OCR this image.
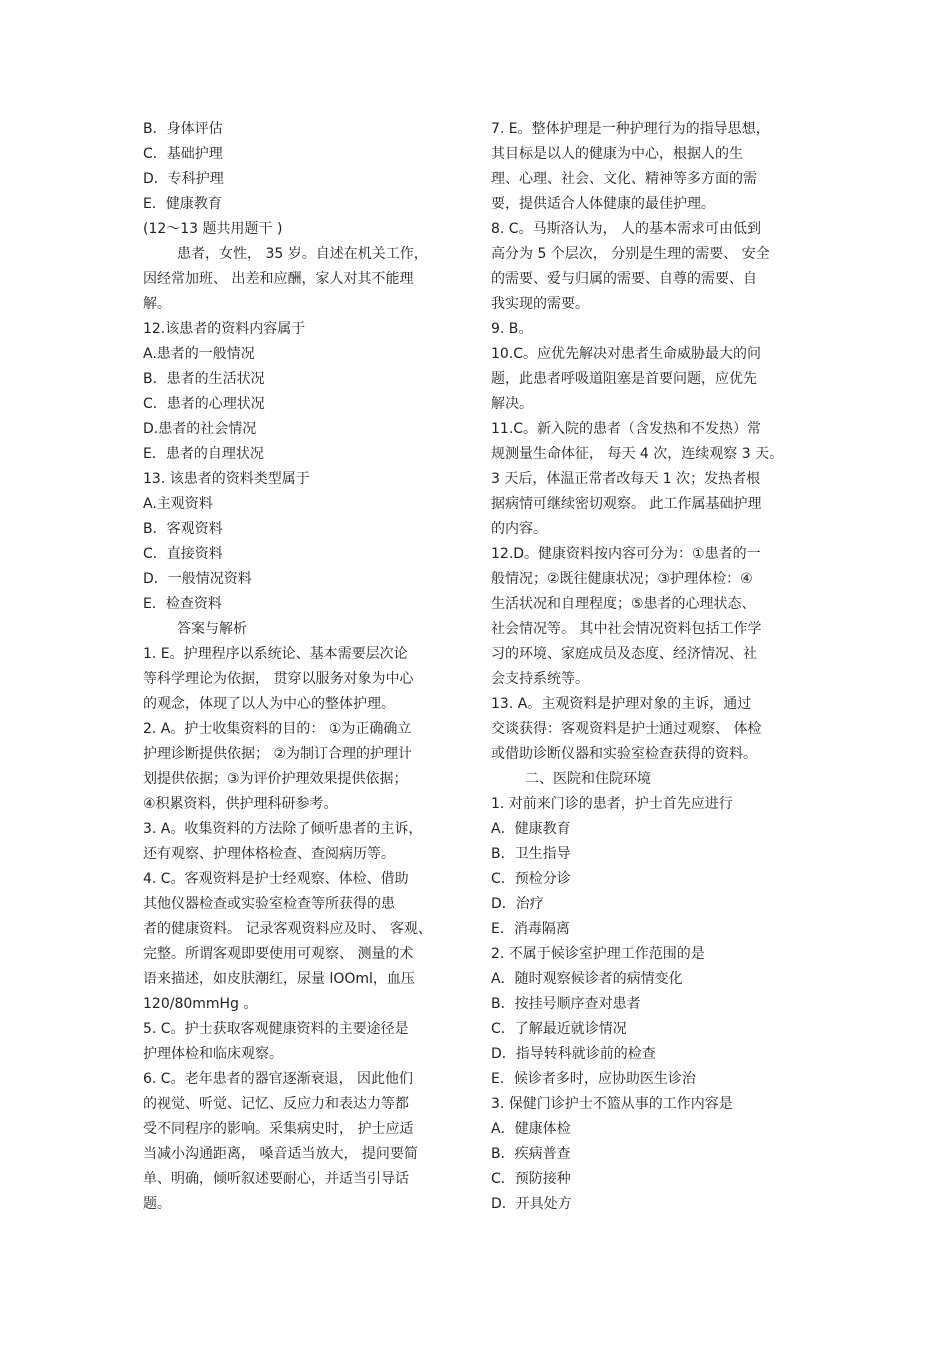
B．身体评估
C．基础护理
D．专科护理
E．健康教育
(12～13 题共用题干 )
患者，女性， 35 岁。自述在机关工作，
因经常加班、 出差和应酬，家人对其不能理
解。
12.该患者的资料内容属于
A.患者的一般情况
B．患者的生活状况
C．患者的心理状况
D.患者的社会情况
E．患者的自理状况
13. 该患者的资料类型属于
A.主观资料
B．客观资料
C．直接资料
D．一般情况资料
E．检查资料
答案与解析
1. E。护理程序以系统论、基本需要层次论
等科学理论为依据， 贯穿以服务对象为中心
的观念，体现了以人为中心的整体护理。
2. A。护士收集资料的目的： ①为正确确立
护理诊断提供依据； ②为制订合理的护理计
划提供依据；③为评价护理效果提供依据；
④积累资料，供护理科研参考。
3. A。收集资料的方法除了倾听患者的主诉，
还有观察、护理体格检查、查阅病历等。
4. C。客观资料是护士经观察、体检、借助
其他仪器检查或实验室检查等所获得的患
者的健康资料。 记录客观资料应及时、 客观、
完整。所谓客观即要使用可观察、 测量的术
语来描述，如皮肤潮红，尿量 lOOml，血压
120/80mmHg 。
5. C。护士获取客观健康资料的主要途径是
护理体检和临床观察。
6. C。老年患者的器官逐渐衰退， 因此他们
的视觉、听觉、记忆、反应力和表达力等都
受不同程序的影响。采集病史时， 护士应适
当减小沟通距离， 嗓音适当放大， 提问要简
单、明确，倾听叙述要耐心，并适当引导话
题。
7. E。整体护理是一种护理行为的指导思想，
其目标是以人的健康为中心，根据人的生
理、心理、社会、文化、精神等多方面的需
要，提供适合人体健康的最佳护理。
8. C。马斯洛认为， 人的基本需求可由低到
高分为 5 个层次， 分别是生理的需要、 安全
的需要、爱与归属的需要、自尊的需要、自
我实现的需要。
9. B。
10.C。应优先解决对患者生命威胁最大的问
题，此患者呼吸道阻塞是首要问题，应优先
解决。
11.C。新入院的患者（含发热和不发热）常
规测量生命体征， 每天 4 次，连续观察 3 天。
3 天后，体温正常者改每天 1 次；发热者根
据病情可继续密切观察。 此工作属基础护理
的内容。
12.D。健康资料按内容可分为：①患者的一
般情况；②既往健康状况；③护理体检：④
生活状况和自理程度；⑤患者的心理状态、
社会情况等。 其中社会情况资料包括工作学
习的环境、家庭成员及态度、经济情况、社
会支持系统等。
13. A。主观资料是护理对象的主诉，通过
交谈获得：客观资料是护士通过观察、 体检
或借助诊断仪器和实验室检查获得的资料。
二、医院和住院环境
1. 对前来门诊的患者，护士首先应进行
A．健康教育
B．卫生指导
C．预检分诊
D．治疗
E．消毒隔离
2. 不属于候诊室护理工作范围的是
A．随时观察候诊者的病情变化
B．按挂号顺序查对患者
C．了解最近就诊情况
D．指导转科就诊前的检查
E．候诊者多时，应协助医生诊治
3. 保健门诊护士不篮从事的工作内容是
A．健康体检
B．疾病普查
C．预防接种
D．开具处方
